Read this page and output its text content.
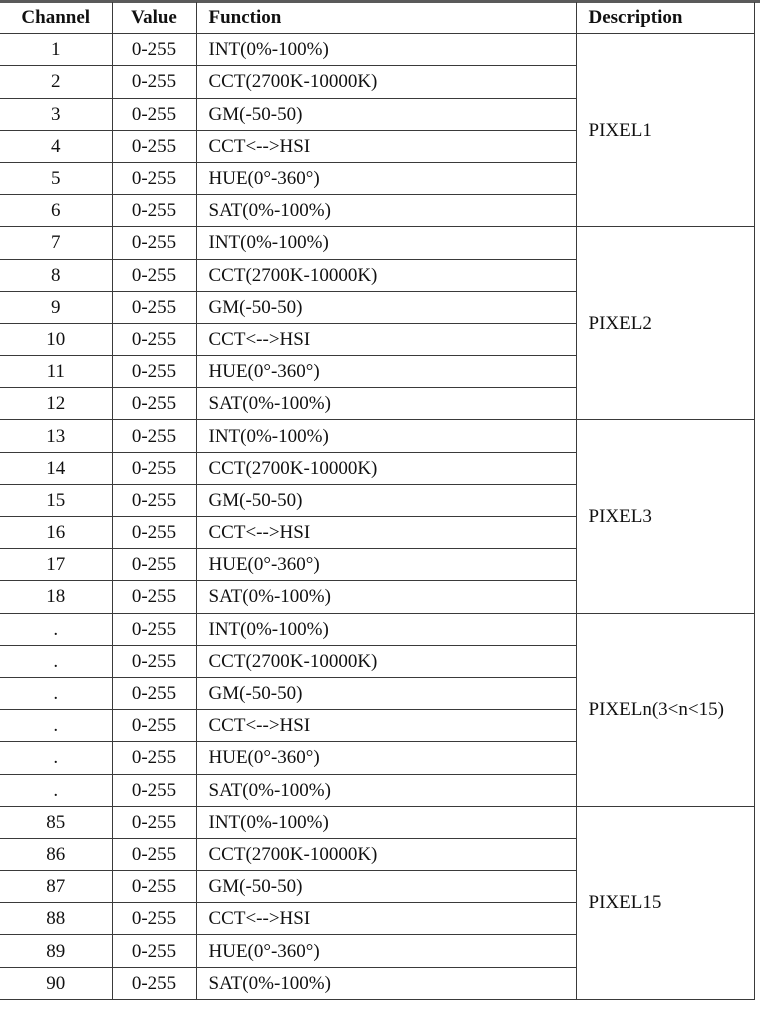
Channel	Value	Function	Description
1	0-255	INT(0%-100%)	PIXEL1
2	0-255	CCT(2700K-10000K)	
3	0-255	GM(-50-50)	
4	0-255	CCT<-->HSI	
5	0-255	HUE(0°-360°)	
6	0-255	SAT(0%-100%)	
7	0-255	INT(0%-100%)	PIXEL2
8	0-255	CCT(2700K-10000K)	
9	0-255	GM(-50-50)	
10	0-255	CCT<-->HSI	
11	0-255	HUE(0°-360°)	
12	0-255	SAT(0%-100%)	
13	0-255	INT(0%-100%)	PIXEL3
14	0-255	CCT(2700K-10000K)	
15	0-255	GM(-50-50)	
16	0-255	CCT<-->HSI	
17	0-255	HUE(0°-360°)	
18	0-255	SAT(0%-100%)	
.	0-255	INT(0%-100%)	PIXELn(3<n<15)
.	0-255	CCT(2700K-10000K)	
.	0-255	GM(-50-50)	
.	0-255	CCT<-->HSI	
.	0-255	HUE(0°-360°)	
.	0-255	SAT(0%-100%)	
85	0-255	INT(0%-100%)	PIXEL15
86	0-255	CCT(2700K-10000K)	
87	0-255	GM(-50-50)	
88	0-255	CCT<-->HSI	
89	0-255	HUE(0°-360°)	
90	0-255	SAT(0%-100%)	
